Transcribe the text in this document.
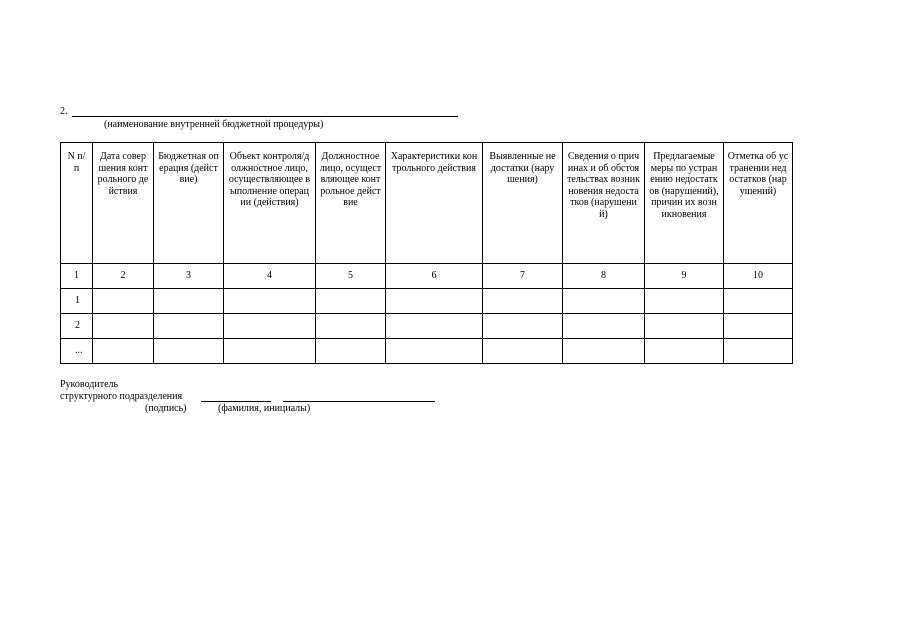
2.
(наименование внутренней бюджетной процедуры)
N п/п	Дата совершения контрольного действия	Бюджетная операция (действие)	Объект контроля/должностное лицо, осуществляющее выполнение операции (действия)	Должностное лицо, осуществляющее контрольное действие	Характеристики контрольного действия	Выявленные недостатки (нарушения)	Сведения о причинах и об обстоятельствах возникновения недостатков (нарушений)	Предлагаемые меры по устранению недостатков (нарушений), причин их возникновения	Отметка об устранении недостатков (нарушений)

1	2	3	4	5	6	7	8	9	10
1									
2									
...									
Руководитель
структурного подразделения
(подпись)	(фамилия, инициалы)
